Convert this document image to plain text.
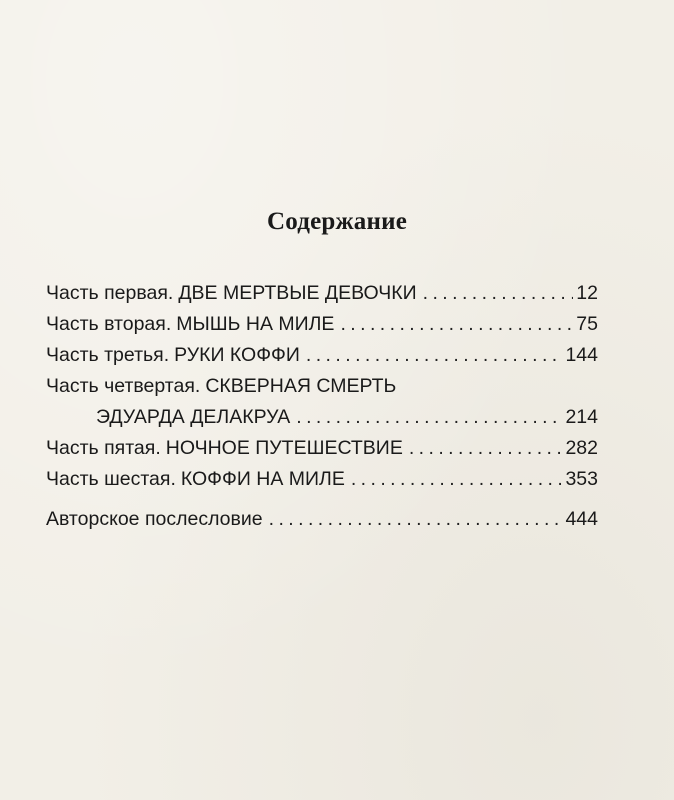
Содержание
Часть первая. ДВЕ МЕРТВЫЕ ДЕВОЧКИ . . .	12
Часть вторая. МЫШЬ НА МИЛЕ . . .	75
Часть третья. РУКИ КОФФИ . . .	144
Часть четвертая. СКВЕРНАЯ СМЕРТЬ
ЭДУАРДА ДЕЛАКРУА . . .	214
Часть пятая. НОЧНОЕ ПУТЕШЕСТВИЕ . . .	282
Часть шестая. КОФФИ НА МИЛЕ . . .	353
Авторское послесловие . . .	444
